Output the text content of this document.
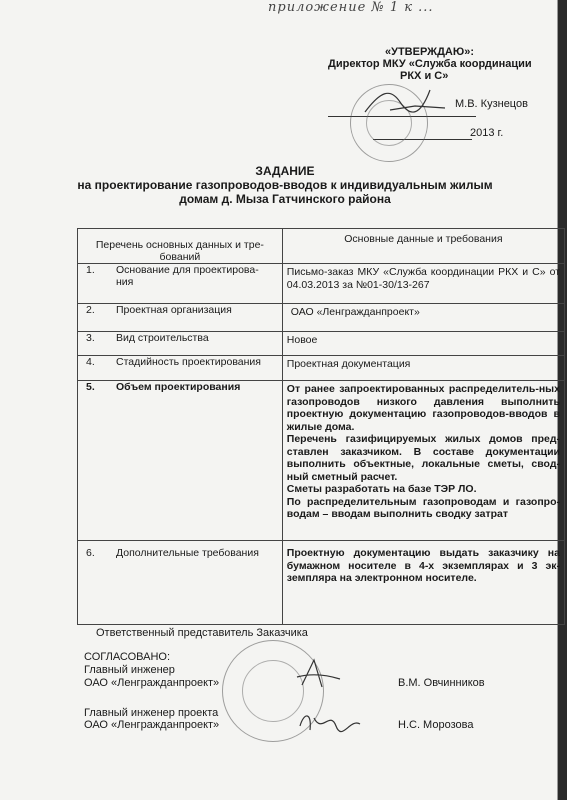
приложение № 1 к ...
«УТВЕРЖДАЮ»:
Директор МКУ «Служба координации
РКХ и С»
М.В. Кузнецов
2013 г.
ЗАДАНИЕ
на проектирование газопроводов-вводов к индивидуальным жилым
домам д. Мыза Гатчинского района
Перечень основных данных и тре-бований	Основные данные и требования
1. Основание для проектирова-ния	Письмо-заказ МКУ «Служба координации РКХ и С» от 04.03.2013 за №01-30/13-267
2. Проектная организация	ОАО «Ленгражданпроект»
3. Вид строительства	Новое
4. Стадийность проектирования	Проектная документация
5. Объем проектирования	От ранее запроектированных распределитель-ных газопроводов низкого давления выполнить проектную документацию газопроводов-вводов в жилые дома.
Перечень газифицируемых жилых домов пред-ставлен заказчиком. В составе документации выполнить объектные, локальные сметы, свод-ный сметный расчет.
Сметы разработать на базе ТЭР ЛО.
По распределительным газопроводам и газопро-водам – вводам выполнить сводку затрат

6. Дополнительные требования	Проектную документацию выдать заказчику на бумажном носителе в 4-х экземплярах и 3 эк-земпляра на электронном носителе.
Ответственный представитель Заказчика
СОГЛАСОВАНО:
Главный инженер
ОАО «Ленгражданпроект»	В.М. Овчинников
Главный инженер проекта
ОАО «Ленгражданпроект»	Н.С. Морозова
